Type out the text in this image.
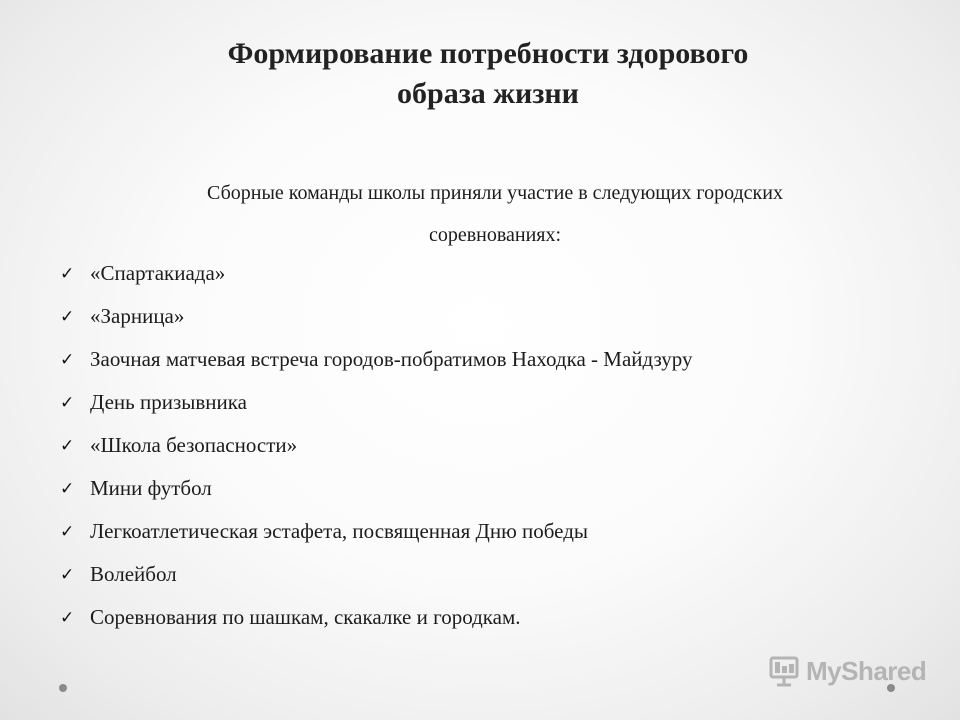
Формирование потребности здорового
образа жизни
Сборные команды школы приняли участие в следующих городских
соревнованиях:
✓ «Спартакиада»
✓ «Зарница»
✓ Заочная матчевая встреча городов-побратимов Находка - Майдзуру
✓ День призывника
✓ «Школа безопасности»
✓ Мини футбол
✓ Легкоатлетическая эстафета, посвященная Дню победы
✓ Волейбол
✓ Соревнования по шашкам, скакалке и городкам.
MyShared
